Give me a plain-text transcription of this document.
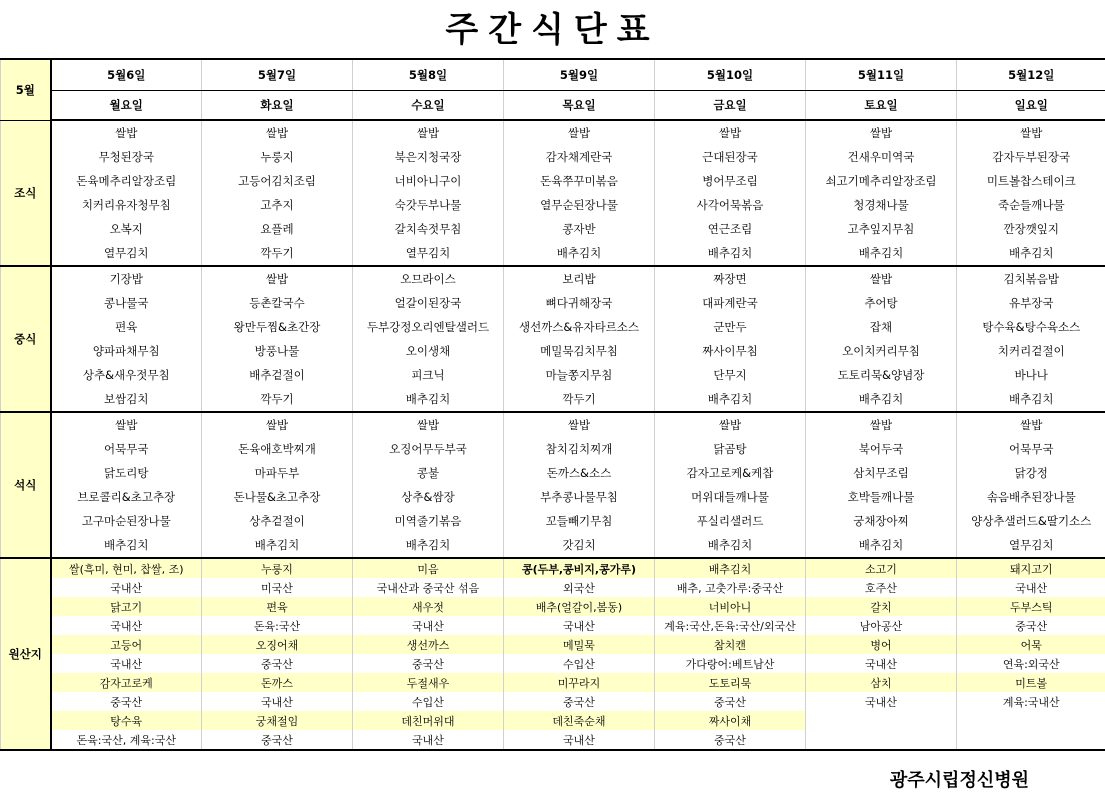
주간식단표
5월	5월6일	5월7일	5월8일	5월9일	5월10일	5월11일	5월12일
	월요일	화요일	수요일	목요일	금요일	토요일	일요일
조식	쌀밥	쌀밥	쌀밥	쌀밥	쌀밥	쌀밥	쌀밥
	무청된장국	누룽지	북은지청국장	감자채계란국	근대된장국	건새우미역국	감자두부된장국
	돈육메추리알장조림	고등어김치조림	너비아니구이	돈육쭈꾸미볶음	병어무조림	쇠고기메추리알장조림	미트볼찹스테이크
	치커리유자청무침	고추지	숙갓두부나물	열무순된장나물	사각어묵볶음	청경채나물	죽순들깨나물
	오복지	요플레	갈치속젓무침	콩자반	연근조림	고추잎지무침	깐장깻잎지
	열무김치	깍두기	열무김치	배추김치	배추김치	배추김치	배추김치
중식	기장밥	쌀밥	오므라이스	보리밥	짜장면	쌀밥	김치볶음밥
	콩나물국	등촌칼국수	얼갈이된장국	뼈다귀해장국	대파계란국	추어탕	유부장국
	편육	왕만두찜&초간장	두부강정오리엔탈샐러드	생선까스&유자타르소스	군만두	잡채	탕수육&탕수육소스
	양파파채무침	방풍나물	오이생채	메밀묵김치무침	짜사이무침	오이치커리무침	치커리겉절이
	상추&새우젓무침	배추겉절이	피크닉	마늘쫑지무침	단무지	도토리묵&양념장	바나나
	보쌈김치	깍두기	배추김치	깍두기	배추김치	배추김치	배추김치
석식	쌀밥	쌀밥	쌀밥	쌀밥	쌀밥	쌀밥	쌀밥
	어묵무국	돈육애호박찌개	오징어무두부국	참치김치찌개	닭곰탕	북어두국	어묵무국
	닭도리탕	마파두부	콩불	돈까스&소스	감자고로케&케찹	삼치무조림	닭강정
	브로콜리&초고추장	돈나물&초고추장	상추&쌈장	부추콩나물무침	머위대들깨나물	호박들깨나물	솎음배추된장나물
	고구마순된장나물	상추겉절이	미역줄기볶음	꼬들빼기무침	푸실리샐러드	궁채장아찌	양상추샐러드&딸기소스
	배추김치	배추김치	배추김치	갓김치	배추김치	배추김치	열무김치
원산지	쌀(흑미, 현미, 찹쌀, 조)	누룽지	미음	콩(두부,콩비지,콩가루)	배추김치	소고기	돼지고기
	국내산	미국산	국내산과 중국산 섞음	외국산	배추, 고춧가루:중국산	호주산	국내산
	닭고기	편육	새우젓	배추(얼갈이,봄동)	너비아니	갈치	두부스틱
	국내산	돈육:국산	국내산	국내산	계육:국산,돈육:국산/외국산	남아공산	중국산
	고등어	오징어채	생선까스	메밀묵	참치캔	병어	어묵
	국내산	중국산	중국산	수입산	가다랑어:베트남산	국내산	연육:외국산
	감자고로케	돈까스	두절새우	미꾸라지	도토리묵	삼치	미트볼
	중국산	국내산	수입산	중국산	중국산	국내산	계육:국내산
	탕수육	궁채절임	데친머위대	데친죽순채	짜사이채		
	돈육:국산, 계육:국산	중국산	국내산	국내산	중국산		
광주시립정신병원
